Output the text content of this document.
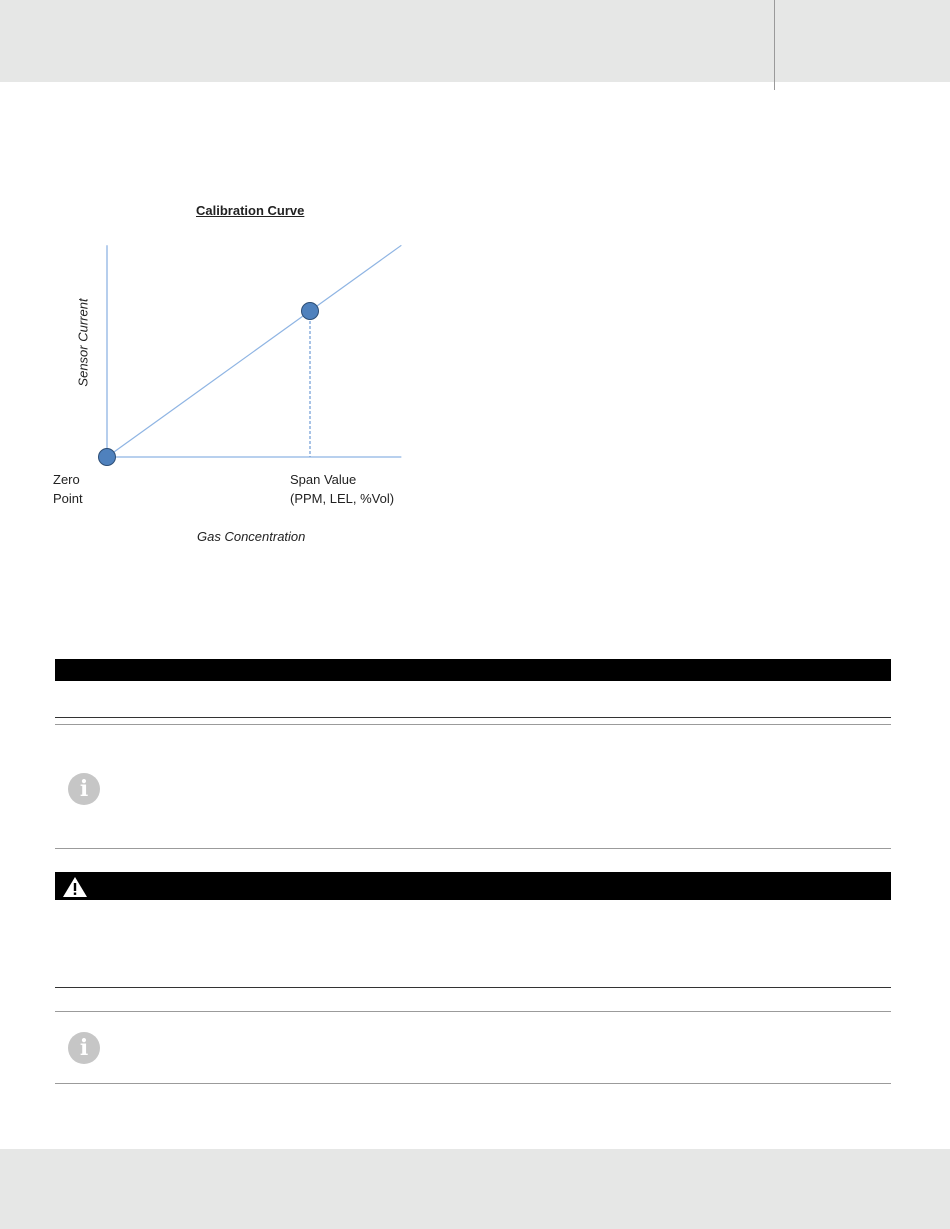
Calibration Curve
Sensor Current
Zero
Point
Span Value
(PPM, LEL, %Vol)
Gas Concentration
i
i
